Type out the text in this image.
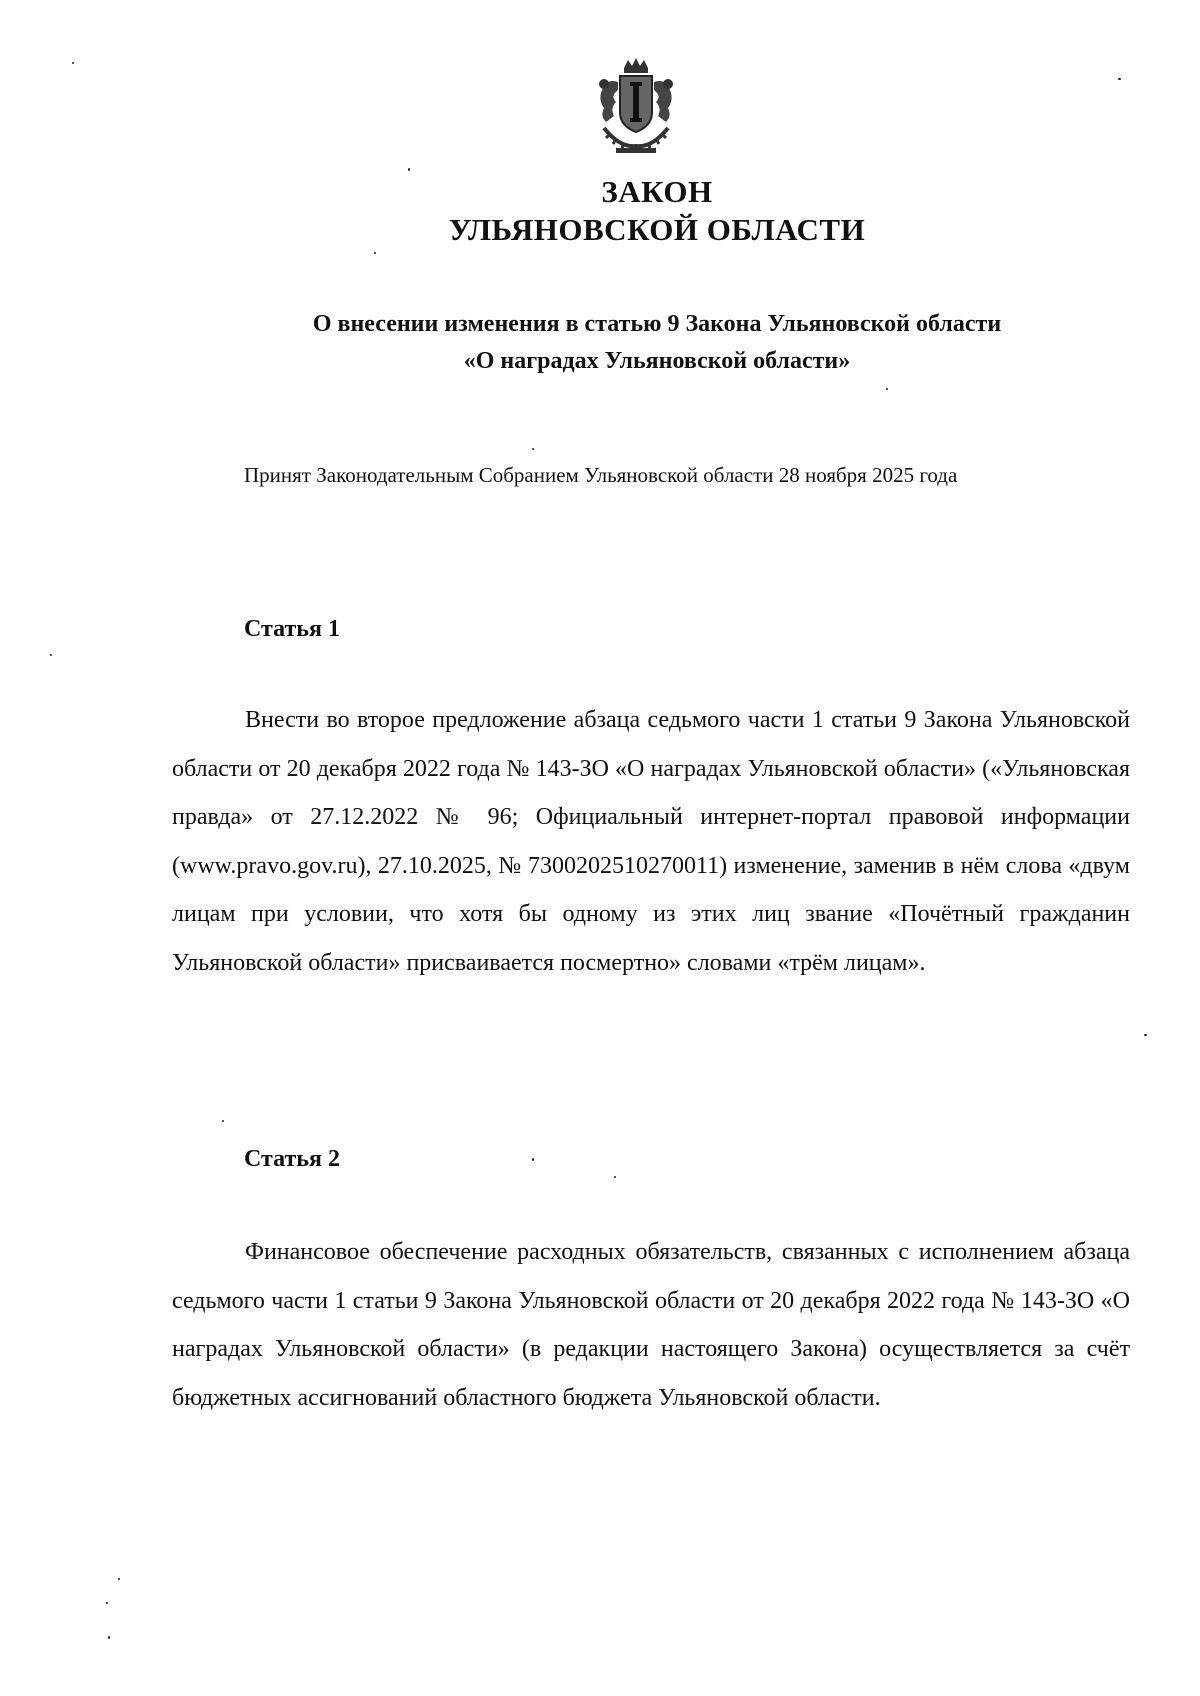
ЗАКОН
УЛЬЯНОВСКОЙ ОБЛАСТИ
О внесении изменения в статью 9 Закона Ульяновской области
«О наградах Ульяновской области»
Принят Законодательным Собранием Ульяновской области 28 ноября 2025 года
Статья 1

Внести во второе предложение абзаца седьмого части 1 статьи 9 Закона Ульяновской области от 20 декабря 2022 года № 143-ЗО «О наградах Ульяновской области» («Ульяновская правда» от 27.12.2022 № 96; Официальный интернет-портал правовой информации (www.pravo.gov.ru), 27.10.2025, № 7300202510270011) изменение, заменив в нём слова «двум лицам при условии, что хотя бы одному из этих лиц звание «Почётный гражданин Ульяновской области» присваивается посмертно» словами «трём лицам».

Статья 2

Финансовое обеспечение расходных обязательств, связанных с исполнением абзаца седьмого части 1 статьи 9 Закона Ульяновской области от 20 декабря 2022 года № 143-ЗО «О наградах Ульяновской области» (в редакции настоящего Закона) осуществляется за счёт бюджетных ассигнований областного бюджета Ульяновской области.
